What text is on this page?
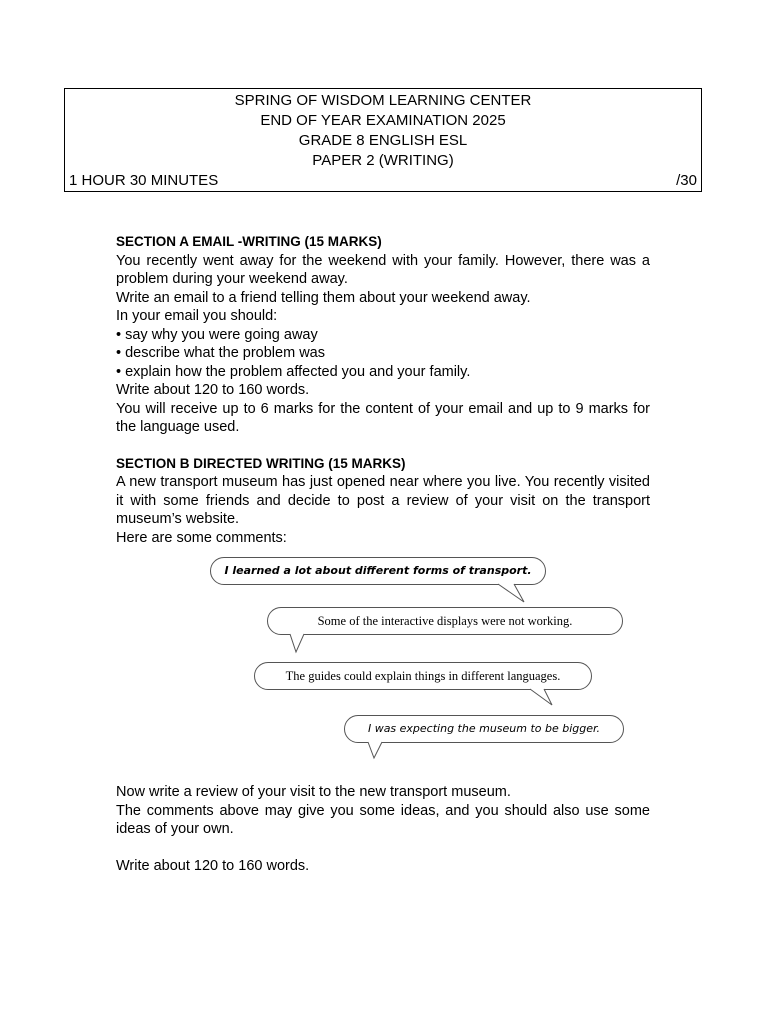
SPRING OF WISDOM LEARNING CENTER
END OF YEAR EXAMINATION 2025
GRADE 8 ENGLISH ESL
PAPER 2 (WRITING)
1 HOUR 30 MINUTES	/30

SECTION A EMAIL -WRITING (15 MARKS)

You recently went away for the weekend with your family. However, there was a problem during your weekend away.

Write an email to a friend telling them about your weekend away.

In your email you should:

• say why you were going away

• describe what the problem was

• explain how the problem affected you and your family.

Write about 120 to 160 words.

You will receive up to 6 marks for the content of your email and up to 9 marks for the language used.

SECTION B DIRECTED WRITING (15 MARKS)

A new transport museum has just opened near where you live. You recently visited it with some friends and decide to post a review of your visit on the transport museum’s website.

Here are some comments:

I learned a lot about different forms of transport.
Some of the interactive displays were not working.
The guides could explain things in different languages.
I was expecting the museum to be bigger.

Now write a review of your visit to the new transport museum.

The comments above may give you some ideas, and you should also use some ideas of your own.

Write about 120 to 160 words.
